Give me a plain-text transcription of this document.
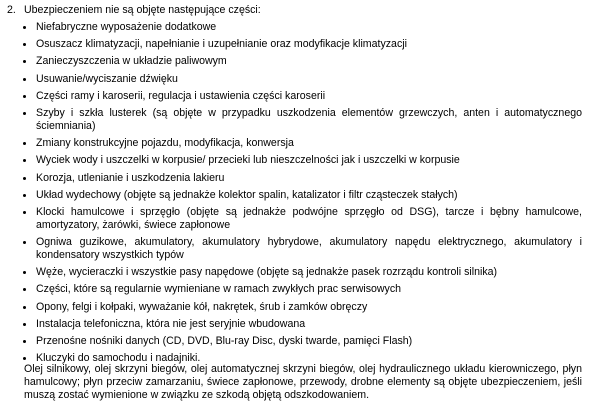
2. Ubezpieczeniem nie są objęte następujące części:
Niefabryczne wyposażenie dodatkowe
Osuszacz klimatyzacji, napełnianie i uzupełnianie oraz modyfikacje klimatyzacji
Zanieczyszczenia w układzie paliwowym
Usuwanie/wyciszanie dźwięku
Części ramy i karoserii, regulacja i ustawienia części karoserii
Szyby i szkła lusterek (są objęte w przypadku uszkodzenia elementów grzewczych, anten i automatycznego ściemniania)
Zmiany konstrukcyjne pojazdu, modyfikacja, konwersja
Wyciek wody i uszczelki w korpusie/ przecieki lub nieszczelności jak i uszczelki w korpusie
Korozja, utlenianie i uszkodzenia lakieru
Układ wydechowy (objęte są jednakże kolektor spalin, katalizator i filtr cząsteczek stałych)
Klocki hamulcowe i sprzęgło (objęte są jednakże podwójne sprzęgło od DSG), tarcze i bębny hamulcowe, amortyzatory, żarówki, świece zapłonowe
Ogniwa guzikowe, akumulatory, akumulatory hybrydowe, akumulatory napędu elektrycznego, akumulatory i kondensatory wszystkich typów
Węże, wycieraczki i wszystkie pasy napędowe (objęte są jednakże pasek rozrządu kontroli silnika)
Części, które są regularnie wymieniane w ramach zwykłych prac serwisowych
Opony, felgi i kołpaki, wyważanie kół, nakrętek, śrub i zamków obręczy
Instalacja telefoniczna, która nie jest seryjnie wbudowana
Przenośne nośniki danych (CD, DVD, Blu-ray Disc, dyski twarde, pamięci Flash)
Kluczyki do samochodu i nadajniki.
Olej silnikowy, olej skrzyni biegów, olej automatycznej skrzyni biegów, olej hydraulicznego układu kierowniczego, płyn hamulcowy; płyn przeciw zamarzaniu, świece zapłonowe, przewody, drobne elementy są objęte ubezpieczeniem, jeśli muszą zostać wymienione w związku ze szkodą objętą odszkodowaniem.
